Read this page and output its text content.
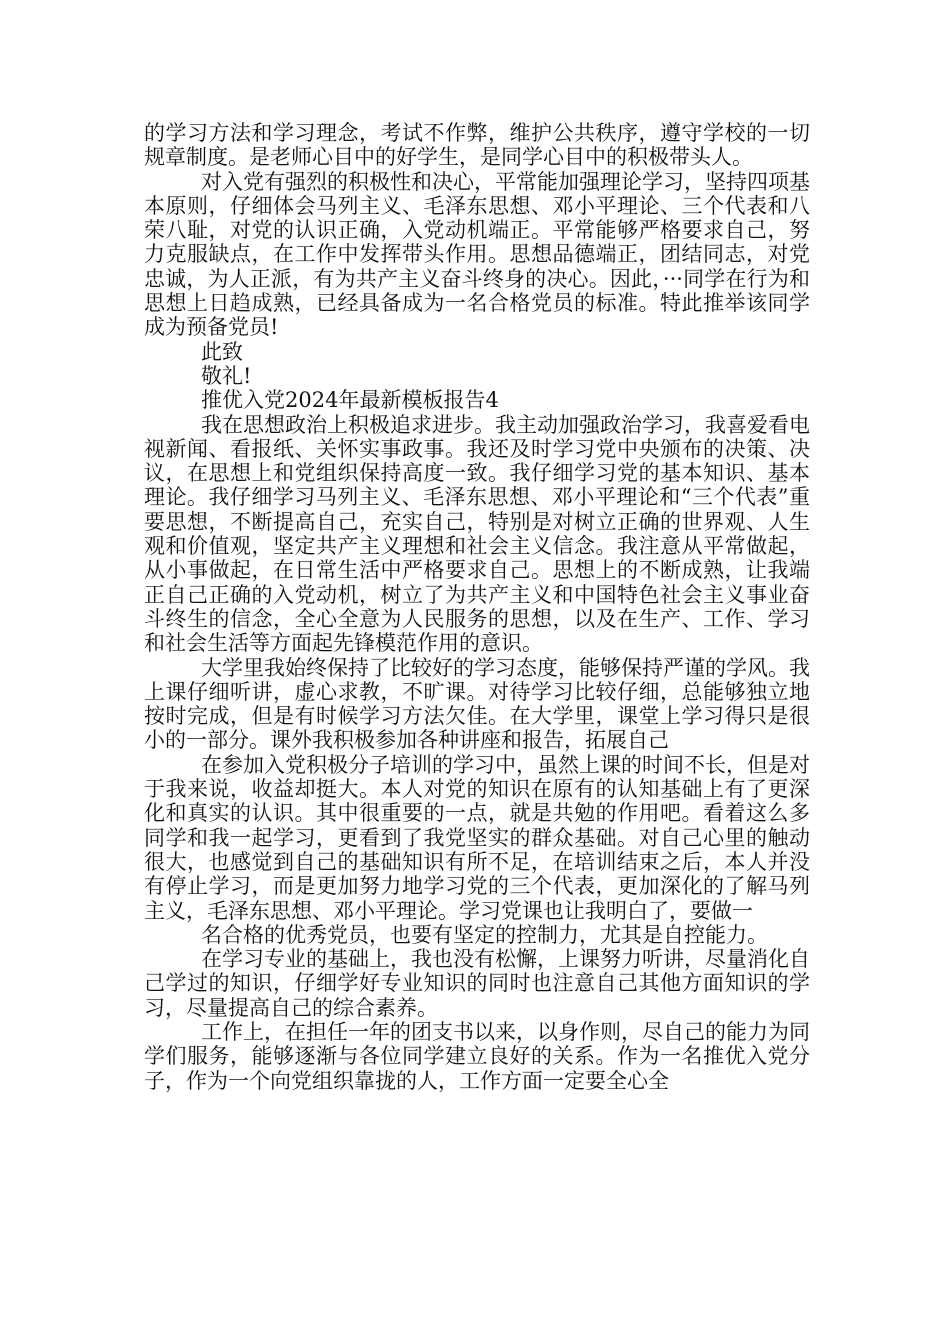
的学习方法和学习理念，考试不作弊，维护公共秩序，遵守学校的一切规章制度。是老师心目中的好学生，是同学心目中的积极带头人。

对入党有强烈的积极性和决心，平常能加强理论学习，坚持四项基本原则，仔细体会马列主义、毛泽东思想、邓小平理论、三个代表和八荣八耻，对党的认识正确，入党动机端正。平常能够严格要求自己，努力克服缺点，在工作中发挥带头作用。思想品德端正，团结同志，对党忠诚，为人正派，有为共产主义奋斗终身的决心。因此，···同学在行为和思想上日趋成熟，已经具备成为一名合格党员的标准。特此推举该同学成为预备党员!

此致

敬礼!

推优入党2024年最新模板报告4

我在思想政治上积极追求进步。我主动加强政治学习，我喜爱看电视新闻、看报纸、关怀实事政事。我还及时学习党中央颁布的决策、决议，在思想上和党组织保持高度一致。我仔细学习党的基本知识、基本理论。我仔细学习马列主义、毛泽东思想、邓小平理论和“三个代表”重要思想，不断提高自己，充实自己，特别是对树立正确的世界观、人生观和价值观，坚定共产主义理想和社会主义信念。我注意从平常做起，从小事做起，在日常生活中严格要求自己。思想上的不断成熟，让我端正自己正确的入党动机，树立了为共产主义和中国特色社会主义事业奋斗终生的信念，全心全意为人民服务的思想，以及在生产、工作、学习和社会生活等方面起先锋模范作用的意识。

大学里我始终保持了比较好的学习态度，能够保持严谨的学风。我上课仔细听讲，虚心求教，不旷课。对待学习比较仔细，总能够独立地按时完成，但是有时候学习方法欠佳。在大学里，课堂上学习得只是很小的一部分。课外我积极参加各种讲座和报告，拓展自己

在参加入党积极分子培训的学习中，虽然上课的时间不长，但是对于我来说，收益却挺大。本人对党的知识在原有的认知基础上有了更深化和真实的认识。其中很重要的一点，就是共勉的作用吧。看着这么多同学和我一起学习，更看到了我党坚实的群众基础。对自己心里的触动很大，也感觉到自己的基础知识有所不足，在培训结束之后，本人并没有停止学习，而是更加努力地学习党的三个代表，更加深化的了解马列主义，毛泽东思想、邓小平理论。学习党课也让我明白了，要做一

名合格的优秀党员，也要有坚定的控制力，尤其是自控能力。

在学习专业的基础上，我也没有松懈，上课努力听讲，尽量消化自己学过的知识，仔细学好专业知识的同时也注意自己其他方面知识的学习，尽量提高自己的综合素养。

工作上，在担任一年的团支书以来，以身作则，尽自己的能力为同学们服务，能够逐渐与各位同学建立良好的关系。作为一名推优入党分子，作为一个向党组织靠拢的人，工作方面一定要全心全
